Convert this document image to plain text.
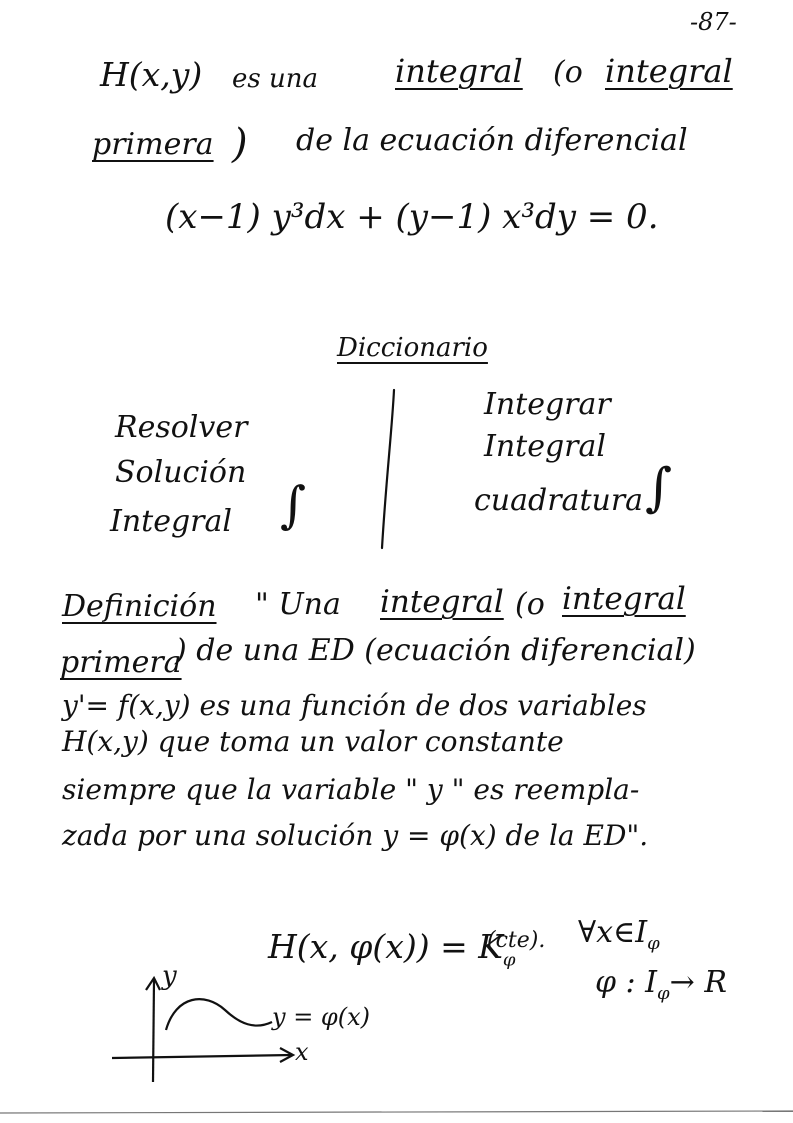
-87-
H(x,y) es una integral (o integral
primera ) de la ecuación diferencial
(x−1) y³dx + (y−1) x³dy = 0.
Diccionario
Resolver
Solución
Integral ∫
Integrar
Integral
cuadratura ∫
Definición " Una integral (o integral
primera
) de una ED (ecuación diferencial)
y'= f(x,y) es una función de dos variables
H(x,y) que toma un valor constante
siempre que la variable " y " es reempla-
zada por una solución y = φ(x) de la ED".
H(x, $\varphi(x)) = K_\varphi$
(cte). $\forall x\in I_\varphi$
φ : $I_\varphi\to R$
y
x
y = φ(x)
